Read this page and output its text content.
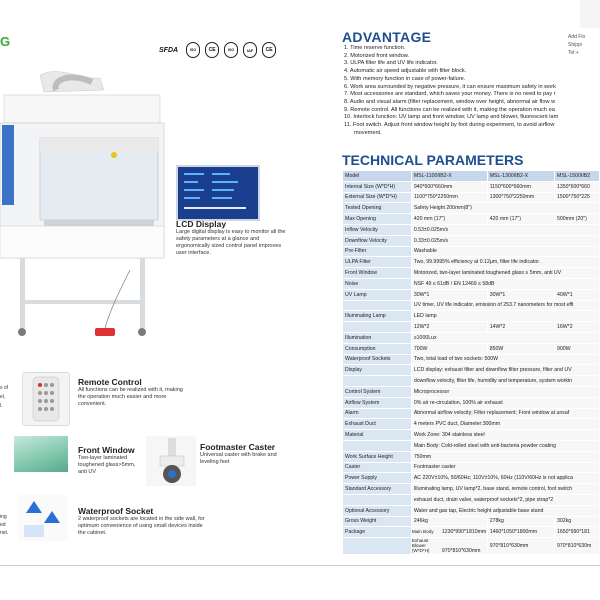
G
SFDA	ISO	CE	ISO	IAF	CE
LCD Display
Large digital display is easy to monitor all the safety parameters at a glance and ergonomically sized control panel improves user interface.
Remote Control
All functions can be realized with it, making the operation much easier and more convenient.
Front Window
Two-layer laminated toughened glass>5mm, anti UV
Footmaster Caster
Universal caster with brake and leveling feet
Waterproof Socket
2 waterproof sockets are located in the side wall, for optimum convenience of using small devices inside the cabinet.
s of
el,
l.
ing
ed
net.
Add Flo
Shippi
Tel:+
ADVANTAGE
1. Time reserve function.
2. Motorized front window.
3. ULPA filter life and UV life indicator.
4. Automatic air speed adjustable with filter block.
5. With memory function in case of power-failure.
6. Work area surrounded by negative pressure, it can ensure maximum safety in work
7. Most accessories are standard, which saves your money. There is no need to pay r
8. Audio and visual alarm (filter replacement, window over height, abnormal air flow w
9. Remote control. All functions can be realized with it, making the operation much ea
10. Interlock function: UV lamp and front window; UV lamp and blower, fluorescent lam
11. Foot switch. Adjust front window height by foot during experiment, to avoid airflow
movement.
TECHNICAL PARAMETERS
Model	MSL-1100IIB2-X	MSL-1300IIB2-X	MSL-1500IIB2
Internal Size (W*D*H)	940*600*660mm	1150*600*660mm	1350*600*660
External Size (W*D*H)	1100*750*2250mm	1300*750*2250mm	1500*750*225
Tested Opening	Safety Height 200mm(8")		
Max Opening	420 mm (17")	420 mm (17")	500mm (20")
Inflow Velocity	0.53±0.025m/s		
Downflow Velocity	0.33±0.025m/s		
Pre-Filter	Washable		
ULPA Filter	Two, 99.9995% efficiency at 0.12μm, filter life indicator.		
Front Window	Motorized, two-layer laminated toughened glass ≥ 5mm, anti UV		
Noise	NSF 49 ≤ 61dB / EN 12469 ≤ 58dB		
UV Lamp	30W*1	30W*1	40W*1
	UV timer, UV life indicator, emission of 253.7 nanometers for most effi		
Illuminating Lamp	LED lamp		
	12W*2	14W*2	16W*2
Illumination	≥1000Lux		
Consumption	700W	850W	900W
Waterproof Sockets	Two, total load of two sockets: 500W		
Display	LCD display: exhaust filter and downflow filter pressure, filter and UV		
	downflow velocity, filter life, humidity and temperature, system workin		
Control System	Microprocessor		
Airflow System	0% air re-circulation, 100% air exhaust		
Alarm	Abnormal airflow velocity; Filter replacement; Front window at unsaf		
Exhaust Duct	4 meters PVC duct, Diameter:300mm		
Material	Work Zone: 304 stainless steel		
	Main Body: Cold-rolled steel with anti-bacteria powder coating		
Work Surface Height	750mm		
Caster	Footmaster caster		
Power Supply	AC 220V±10%, 50/60Hz; 110V±10%, 60Hz (110V/60Hz is not applica		
Standard Accessory	Illuminating lamp, UV lamp*2, base stand, remote control, foot switch		
	exhaust duct, drain valve, waterproof sockets*2, pipe strap*2		
Optional Accessory	Water and gas tap, Electric height adjustable base stand		
Gross Weight	246kg	278kg	302kg
Package	Main Body 1230*990*1810mm	1460*1050*1800mm	1650*990*181
	Exhaust Blower (W*D*H) 970*810*630mm	970*810*630mm	970*810*630m
